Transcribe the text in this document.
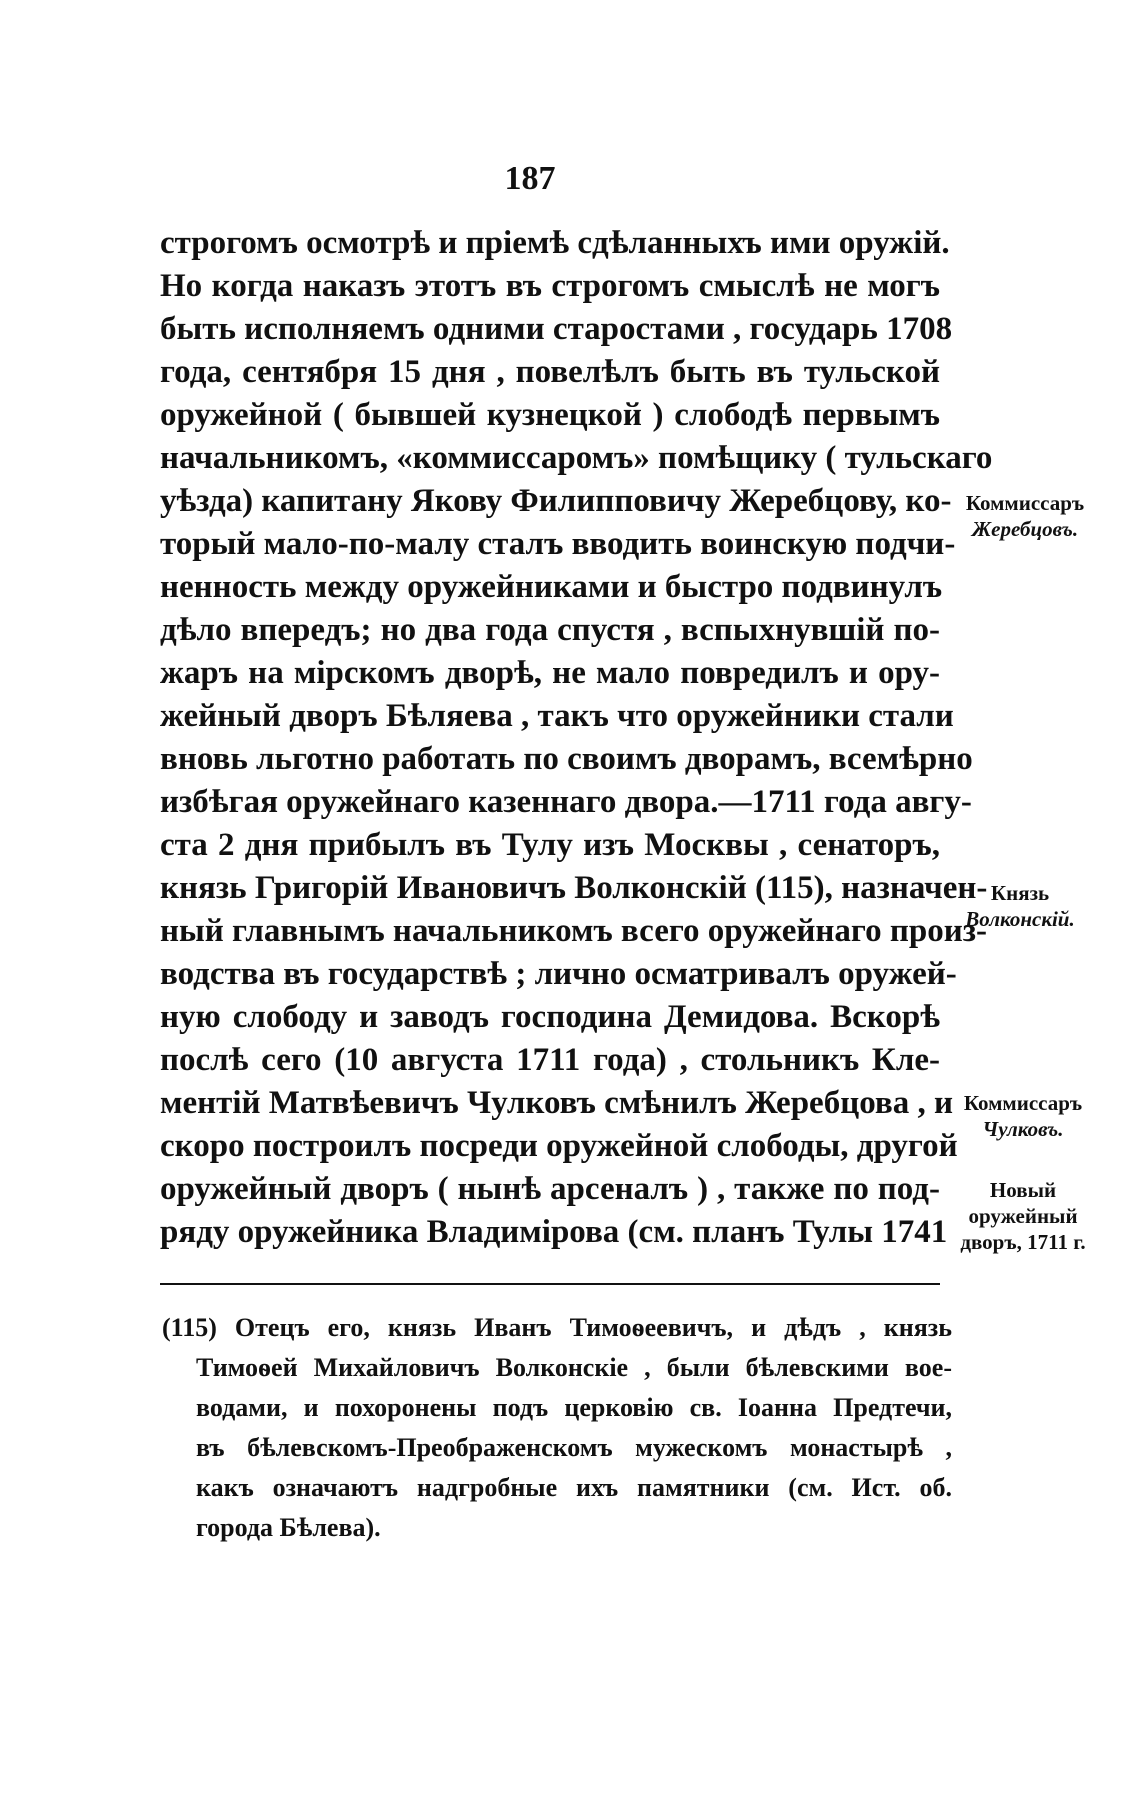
187
строгомъ осмотрѣ и пріемѣ сдѣланныхъ ими оружій.
Но когда наказъ этотъ въ строгомъ смыслѣ не могъ
быть исполняемъ одними старостами , государь 1708
года, сентября 15 дня , повелѣлъ быть въ тульской
оружейной ( бывшей кузнецкой ) слободѣ первымъ
начальникомъ, «коммиссаромъ» помѣщику ( тульскаго
уѣзда) капитану Якову Филипповичу Жеребцову, ко-
торый мало-по-малу сталъ вводить воинскую подчи-
ненность между оружейниками и быстро подвинулъ
дѣло впередъ; но два года спустя , вспыхнувшій по-
жаръ на мірскомъ дворѣ, не мало повредилъ и ору-
жейный дворъ Бѣляева , такъ что оружейники стали
вновь льготно работать по своимъ дворамъ, всемѣрно
избѣгая оружейнаго казеннаго двора.—1711 года авгу-
ста 2 дня прибылъ въ Тулу изъ Москвы , сенаторъ,
князь Григорій Ивановичъ Волконскій (115), назначен-
ный главнымъ начальникомъ всего оружейнаго произ-
водства въ государствѣ ; лично осматривалъ оружей-
ную слободу и заводъ господина Демидова. Вскорѣ
послѣ сего (10 августа 1711 года) , стольникъ Кле-
ментій Матвѣевичъ Чулковъ смѣнилъ Жеребцова , и
скоро построилъ посреди оружейной слободы, другой
оружейный дворъ ( нынѣ арсеналъ ) , также по под-
ряду оружейника Владимірова (см. планъ Тулы 1741
Коммиссаръ
Жеребцовъ.
Князь
Волконскій.
Коммиссаръ
Чулковъ.
Новый
оружейный
дворъ, 1711 г.
(115) Отецъ его, князь Иванъ Тимоѳеевичъ, и дѣдъ , князь
Тимоѳей Михайловичъ Волконскіе , были бѣлевскими вое-
водами, и похоронены подъ церковію св. Іоанна Предтечи,
въ бѣлевскомъ-Преображенскомъ мужескомъ монастырѣ ,
какъ означаютъ надгробные ихъ памятники (см. Ист. об.
города Бѣлева).
